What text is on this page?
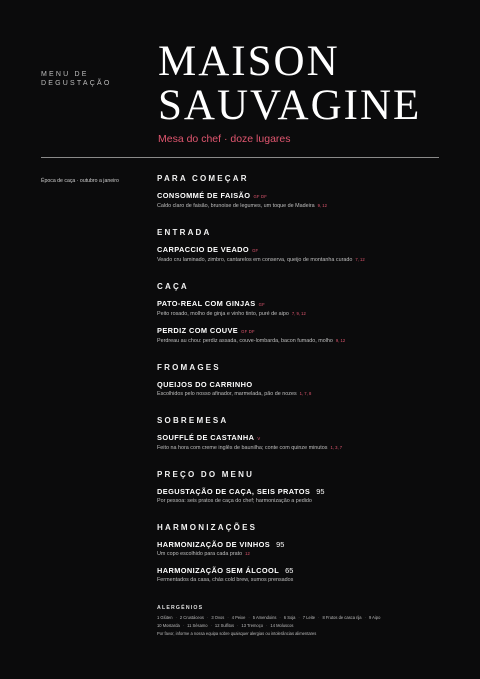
MENU DE
DEGUSTAÇÃO MAISON
SAUVAGINE
Mesa do chef · doze lugares
Época de caça · outubro a janeiro	PARA COMEÇAR
CONSOMMÉ DE FAISÃO GF DF
Caldo claro de faisão, brunoise de legumes, um toque de Madeira 9, 12
ENTRADA
CARPACCIO DE VEADO GF
Veado cru laminado, zimbro, cantarelos em conserva, queijo de montanha curado 7, 12
CAÇA
PATO-REAL COM GINJAS GF
Peito rosado, molho de ginja e vinho tinto, puré de aipo 7, 9, 12
PERDIZ COM COUVE GF DF
Perdreau au chou: perdiz assada, couve-lombarda, bacon fumado, molho 9, 12
FROMAGES
QUEIJOS DO CARRINHO
Escolhidos pelo nosso afinador, marmelada, pão de nozes 1, 7, 8
SOBREMESA
SOUFFLÉ DE CASTANHA V
Feito na hora com creme inglês de baunilha; conte com quinze minutos 1, 3, 7
PREÇO DO MENU
DEGUSTAÇÃO DE CAÇA, SEIS PRATOS 95
Por pessoa: seis pratos de caça do chef; harmonização a pedido
HARMONIZAÇÕES
HARMONIZAÇÃO DE VINHOS 95
Um copo escolhido para cada prato 12
HARMONIZAÇÃO SEM ÁLCOOL 65
Fermentados da casa, chás cold brew, sumos prensados
ALERGÉNIOS
1 Glúten · 2 Crustáceos · 3 Ovos · 4 Peixe · 5 Amendoins · 6 Soja · 7 Leite · 8 Frutos de casca rija · 9 Aipo
10 Mostarda · 11 Sésamo · 12 Sulfitos · 13 Tremoço · 14 Moluscos
Por favor, informe a nossa equipa sobre quaisquer alergias ou intolerâncias alimentares
